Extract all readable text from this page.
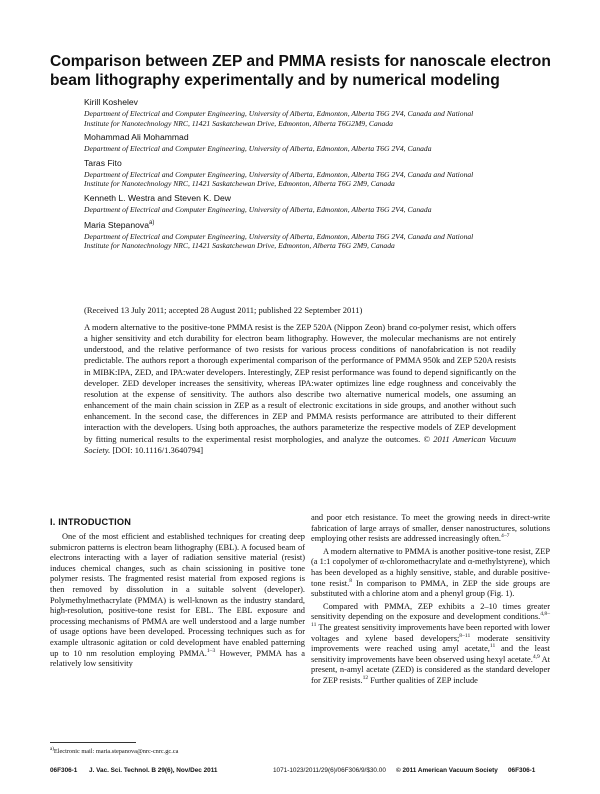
Comparison between ZEP and PMMA resists for nanoscale electron beam lithography experimentally and by numerical modeling
Kirill Koshelev
Department of Electrical and Computer Engineering, University of Alberta, Edmonton, Alberta T6G 2V4, Canada and National Institute for Nanotechnology NRC, 11421 Saskatchewan Drive, Edmonton, Alberta T6G2M9, Canada
Mohammad Ali Mohammad
Department of Electrical and Computer Engineering, University of Alberta, Edmonton, Alberta T6G 2V4, Canada
Taras Fito
Department of Electrical and Computer Engineering, University of Alberta, Edmonton, Alberta T6G 2V4, Canada and National Institute for Nanotechnology NRC, 11421 Saskatchewan Drive, Edmonton, Alberta T6G 2M9, Canada
Kenneth L. Westra and Steven K. Dew
Department of Electrical and Computer Engineering, University of Alberta, Edmonton, Alberta T6G 2V4, Canada
Maria Stepanova$^{a)}$
Department of Electrical and Computer Engineering, University of Alberta, Edmonton, Alberta T6G 2V4, Canada and National Institute for Nanotechnology NRC, 11421 Saskatchewan Drive, Edmonton, Alberta T6G 2M9, Canada
(Received 13 July 2011; accepted 28 August 2011; published 22 September 2011)
A modern alternative to the positive-tone PMMA resist is the ZEP 520A (Nippon Zeon) brand co-polymer resist, which offers a higher sensitivity and etch durability for electron beam lithography. However, the molecular mechanisms are not entirely understood, and the relative performance of two resists for various process conditions of nanofabrication is not readily predictable. The authors report a thorough experimental comparison of the performance of PMMA 950k and ZEP 520A resists in MIBK:IPA, ZED, and IPA:water developers. Interestingly, ZEP resist performance was found to depend significantly on the developer. ZED developer increases the sensitivity, whereas IPA:water optimizes line edge roughness and conceivably the resolution at the expense of sensitivity. The authors also describe two alternative numerical models, one assuming an enhancement of the main chain scission in ZEP as a result of electronic excitations in side groups, and another without such enhancement. In the second case, the differences in ZEP and PMMA resists performance are attributed to their different interaction with the developers. Using both approaches, the authors parameterize the respective models of ZEP development by fitting numerical results to the experimental resist morphologies, and analyze the outcomes. © 2011 American Vacuum Society. [DOI: 10.1116/1.3640794]
I. INTRODUCTION

One of the most efficient and established techniques for creating deep submicron patterns is electron beam lithography (EBL). A focused beam of electrons interacting with a layer of radiation sensitive material (resist) induces chemical changes, such as chain scissioning in positive tone polymer resists. The fragmented resist material from exposed regions is then removed by dissolution in a suitable solvent (developer). Polymethylmethacrylate (PMMA) is well-known as the industry standard, high-resolution, positive-tone resist for EBL. The EBL exposure and processing mechanisms of PMMA are well understood and a large number of usage options have been developed. Processing techniques such as for example ultrasonic agitation or cold development have enabled patterning up to 10 nm resolution employing PMMA.$^{1-3}$ However, PMMA has a relatively low sensitivity

and poor etch resistance. To meet the growing needs in direct-write fabrication of large arrays of smaller, denser nanostructures, solutions employing other resists are addressed increasingly often.$^{4-7}$

A modern alternative to PMMA is another positive-tone resist, ZEP (a 1:1 copolymer of α-chloromethacrylate and α-methylstyrene), which has been developed as a highly sensitive, stable, and durable positive-tone resist.$^8$ In comparison to PMMA, in ZEP the side groups are substituted with a chlorine atom and a phenyl group (Fig. 1).

Compared with PMMA, ZEP exhibits a 2–10 times greater sensitivity depending on the exposure and development conditions.$^{4,8-11}$ The greatest sensitivity improvements have been reported with lower voltages and xylene based developers;$^{8-11}$ moderate sensitivity improvements were reached using amyl acetate,$^{11}$ and the least sensitivity improvements have been observed using hexyl acetate.$^{4,9}$ At present, n-amyl acetate (ZED) is considered as the standard developer for ZEP resists.$^{12}$ Further qualities of ZEP include

$^{a)}$Electronic mail: maria.stepanova@nrc-cnrc.gc.ca
06F306-1 J. Vac. Sci. Technol. B 29(6), Nov/Dec 2011	1071-1023/2011/29(6)/06F306/9/$30.00 © 2011 American Vacuum Society 06F306-1
